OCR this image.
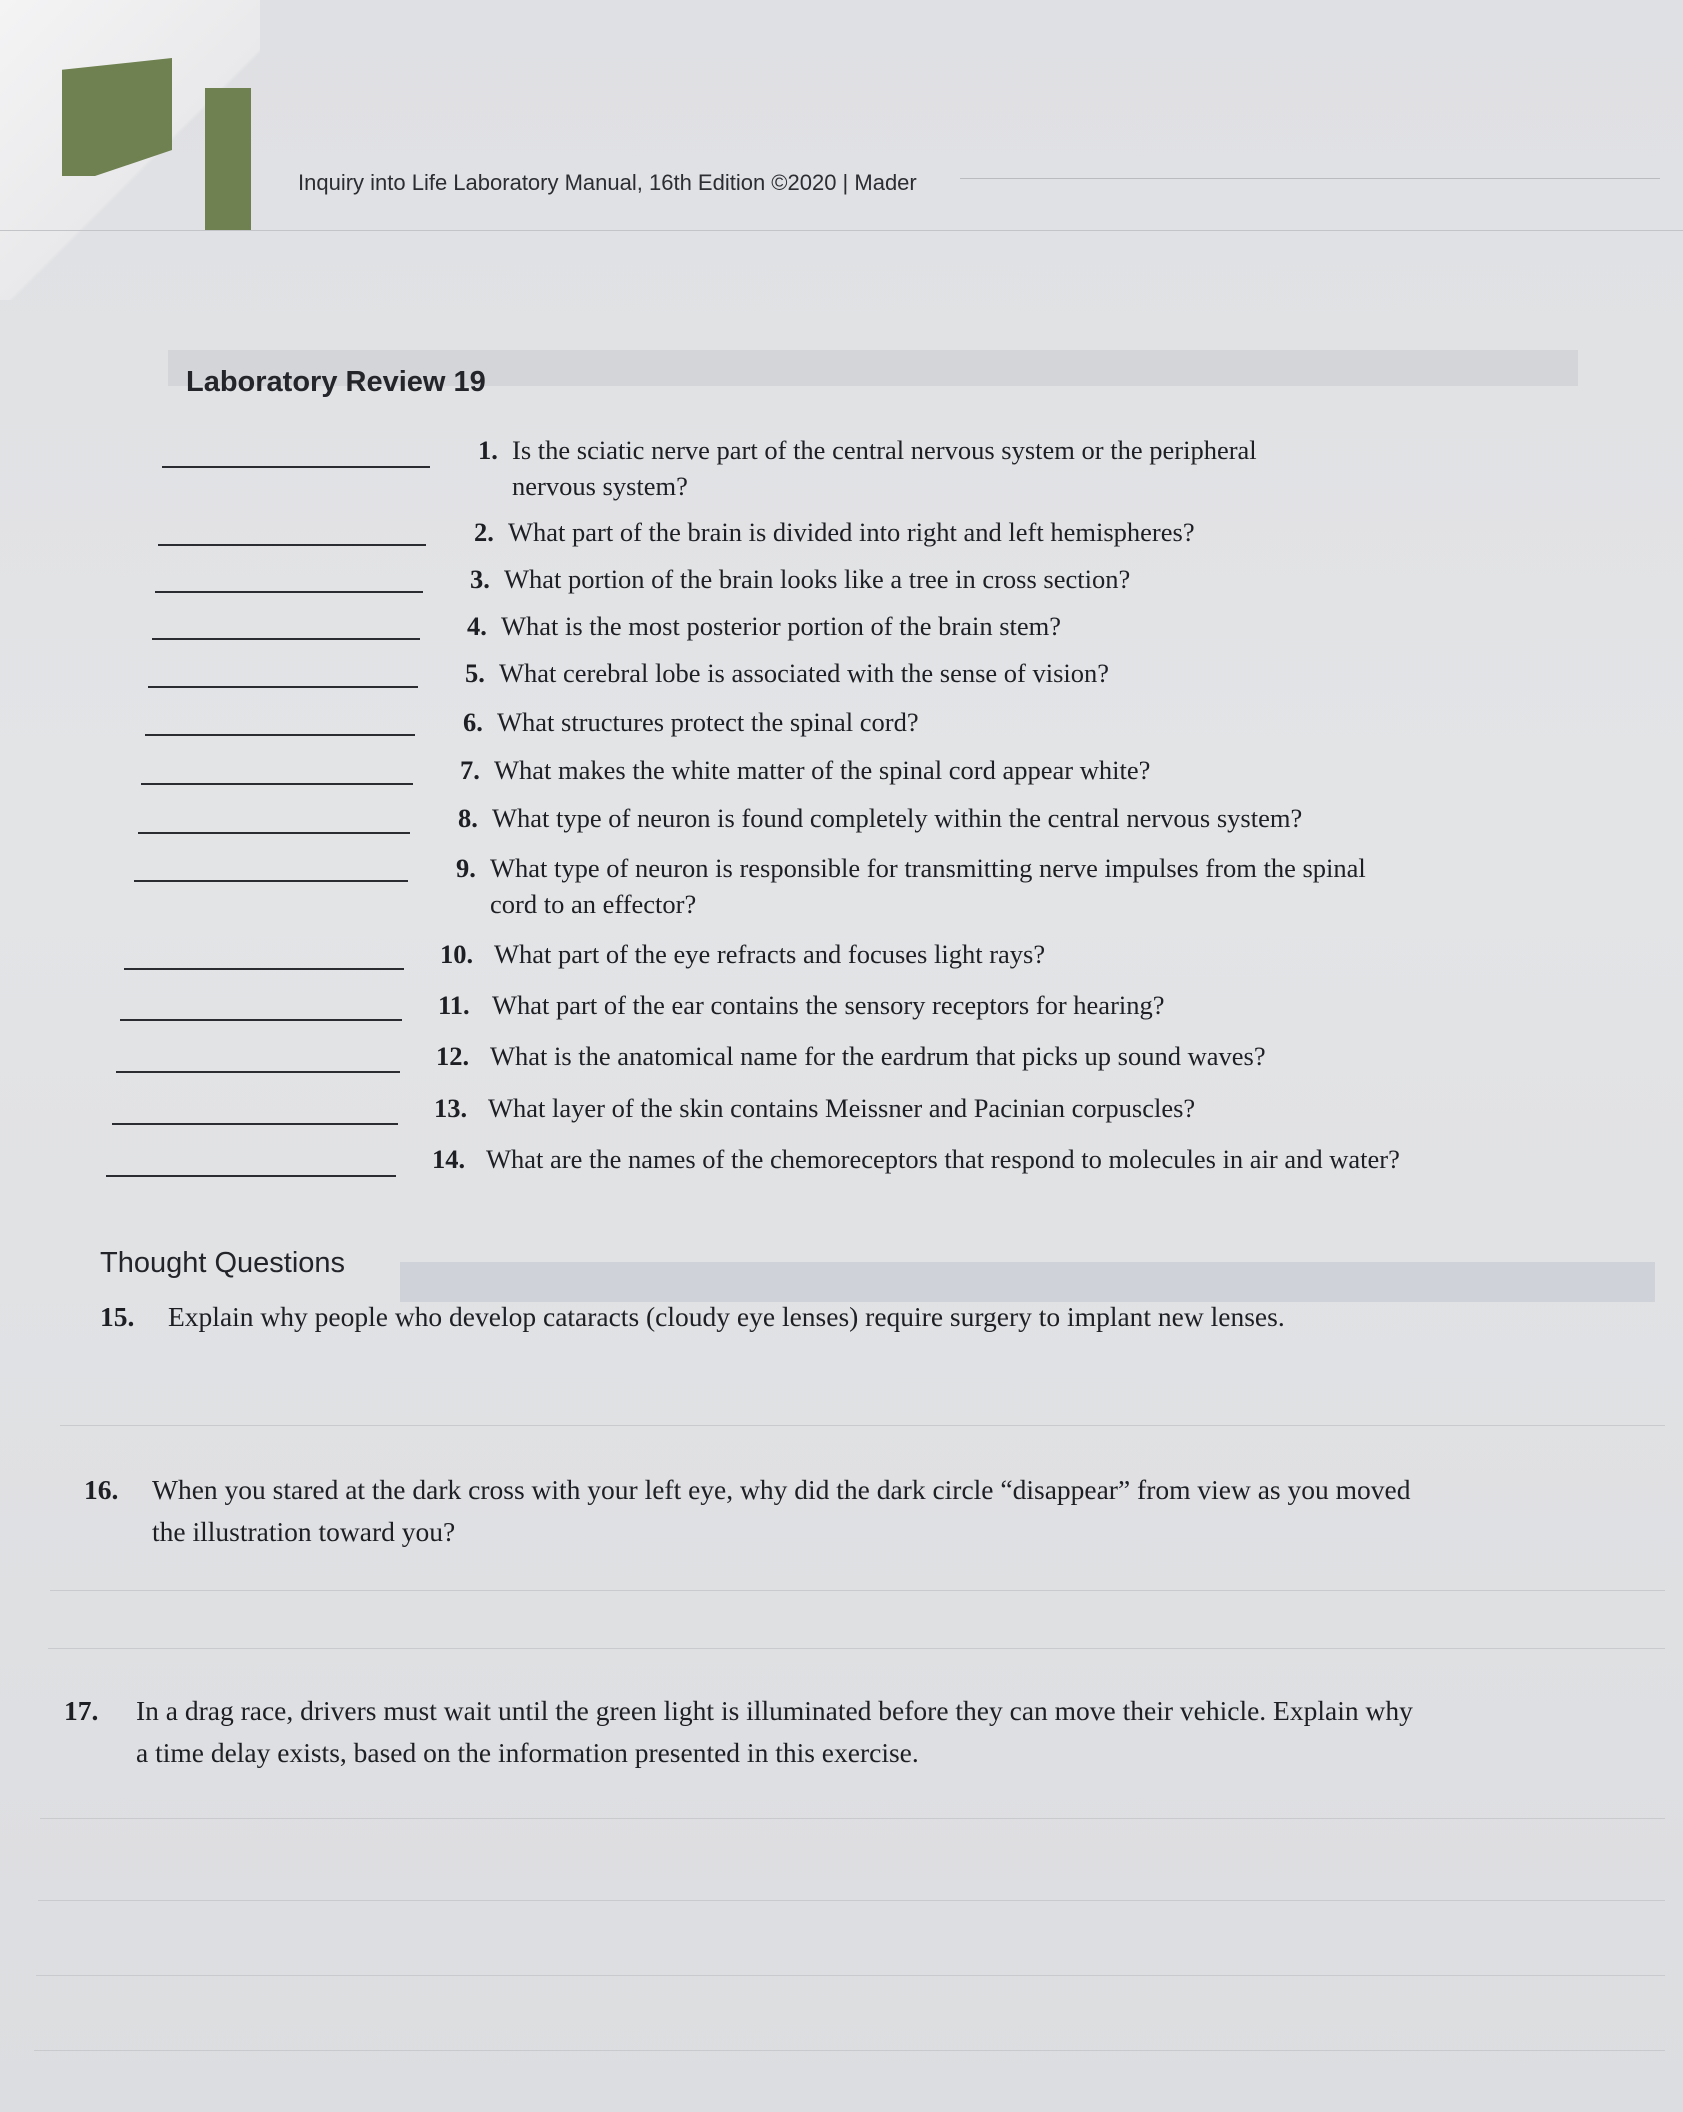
Inquiry into Life Laboratory Manual, 16th Edition ©2020 | Mader
Laboratory Review 19
1. Is the sciatic nerve part of the central nervous system or the peripheral
nervous system?
2. What part of the brain is divided into right and left hemispheres?
3. What portion of the brain looks like a tree in cross section?
4. What is the most posterior portion of the brain stem?
5. What cerebral lobe is associated with the sense of vision?
6. What structures protect the spinal cord?
7. What makes the white matter of the spinal cord appear white?
8. What type of neuron is found completely within the central nervous system?
9. What type of neuron is responsible for transmitting nerve impulses from the spinal
cord to an effector?
10. What part of the eye refracts and focuses light rays?
11. What part of the ear contains the sensory receptors for hearing?
12. What is the anatomical name for the eardrum that picks up sound waves?
13. What layer of the skin contains Meissner and Pacinian corpuscles?
14. What are the names of the chemoreceptors that respond to molecules in air and water?
Thought Questions
15. Explain why people who develop cataracts (cloudy eye lenses) require surgery to implant new lenses.
16. When you stared at the dark cross with your left eye, why did the dark circle “disappear” from view as you moved
the illustration toward you?
17. In a drag race, drivers must wait until the green light is illuminated before they can move their vehicle. Explain why
a time delay exists, based on the information presented in this exercise.
